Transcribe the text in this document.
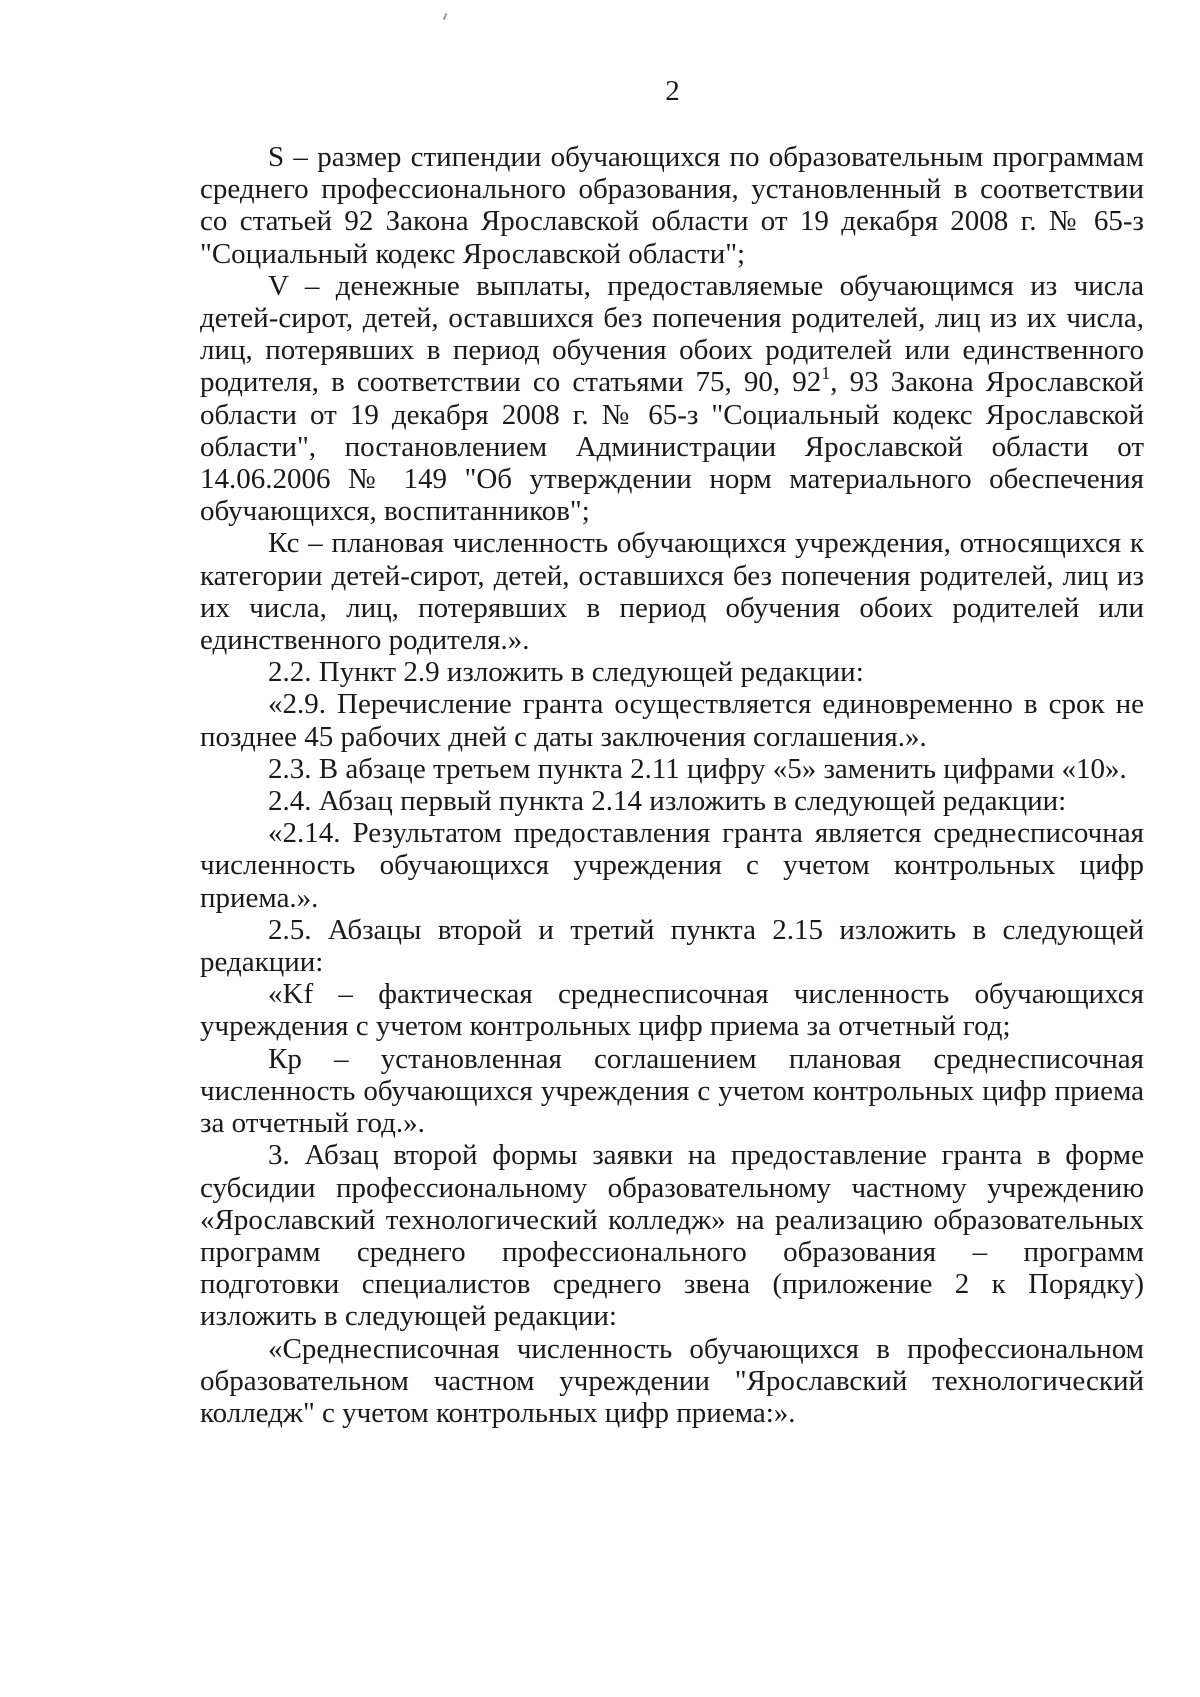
2

S – размер стипендии обучающихся по образовательным программам среднего профессионального образования, установленный в соответствии со статьей 92 Закона Ярославской области от 19 декабря 2008 г. № 65-з "Социальный кодекс Ярославской области";

V – денежные выплаты, предоставляемые обучающимся из числа детей-сирот, детей, оставшихся без попечения родителей, лиц из их числа, лиц, потерявших в период обучения обоих родителей или единственного родителя, в соответствии со статьями 75, 90, $92^1$, 93 Закона Ярославской области от 19 декабря 2008 г. № 65-з "Социальный кодекс Ярославской области", постановлением Администрации Ярославской области от 14.06.2006 № 149 "Об утверждении норм материального обеспечения обучающихся, воспитанников";

Кс – плановая численность обучающихся учреждения, относящихся к категории детей-сирот, детей, оставшихся без попечения родителей, лиц из их числа, лиц, потерявших в период обучения обоих родителей или единственного родителя.».

2.2. Пункт 2.9 изложить в следующей редакции:

«2.9. Перечисление гранта осуществляется единовременно в срок не позднее 45 рабочих дней с даты заключения соглашения.».

2.3. В абзаце третьем пункта 2.11 цифру «5» заменить цифрами «10».

2.4. Абзац первый пункта 2.14 изложить в следующей редакции:

«2.14. Результатом предоставления гранта является среднесписочная численность обучающихся учреждения с учетом контрольных цифр приема.».

2.5. Абзацы второй и третий пункта 2.15 изложить в следующей редакции:

«Kf – фактическая среднесписочная численность обучающихся учреждения с учетом контрольных цифр приема за отчетный год;

Кр – установленная соглашением плановая среднесписочная численность обучающихся учреждения с учетом контрольных цифр приема за отчетный год.».

3. Абзац второй формы заявки на предоставление гранта в форме субсидии профессиональному образовательному частному учреждению «Ярославский технологический колледж» на реализацию образовательных программ среднего профессионального образования – программ подготовки специалистов среднего звена (приложение 2 к Порядку) изложить в следующей редакции:

«Среднесписочная численность обучающихся в профессиональном образовательном частном учреждении "Ярославский технологический колледж" с учетом контрольных цифр приема:».
